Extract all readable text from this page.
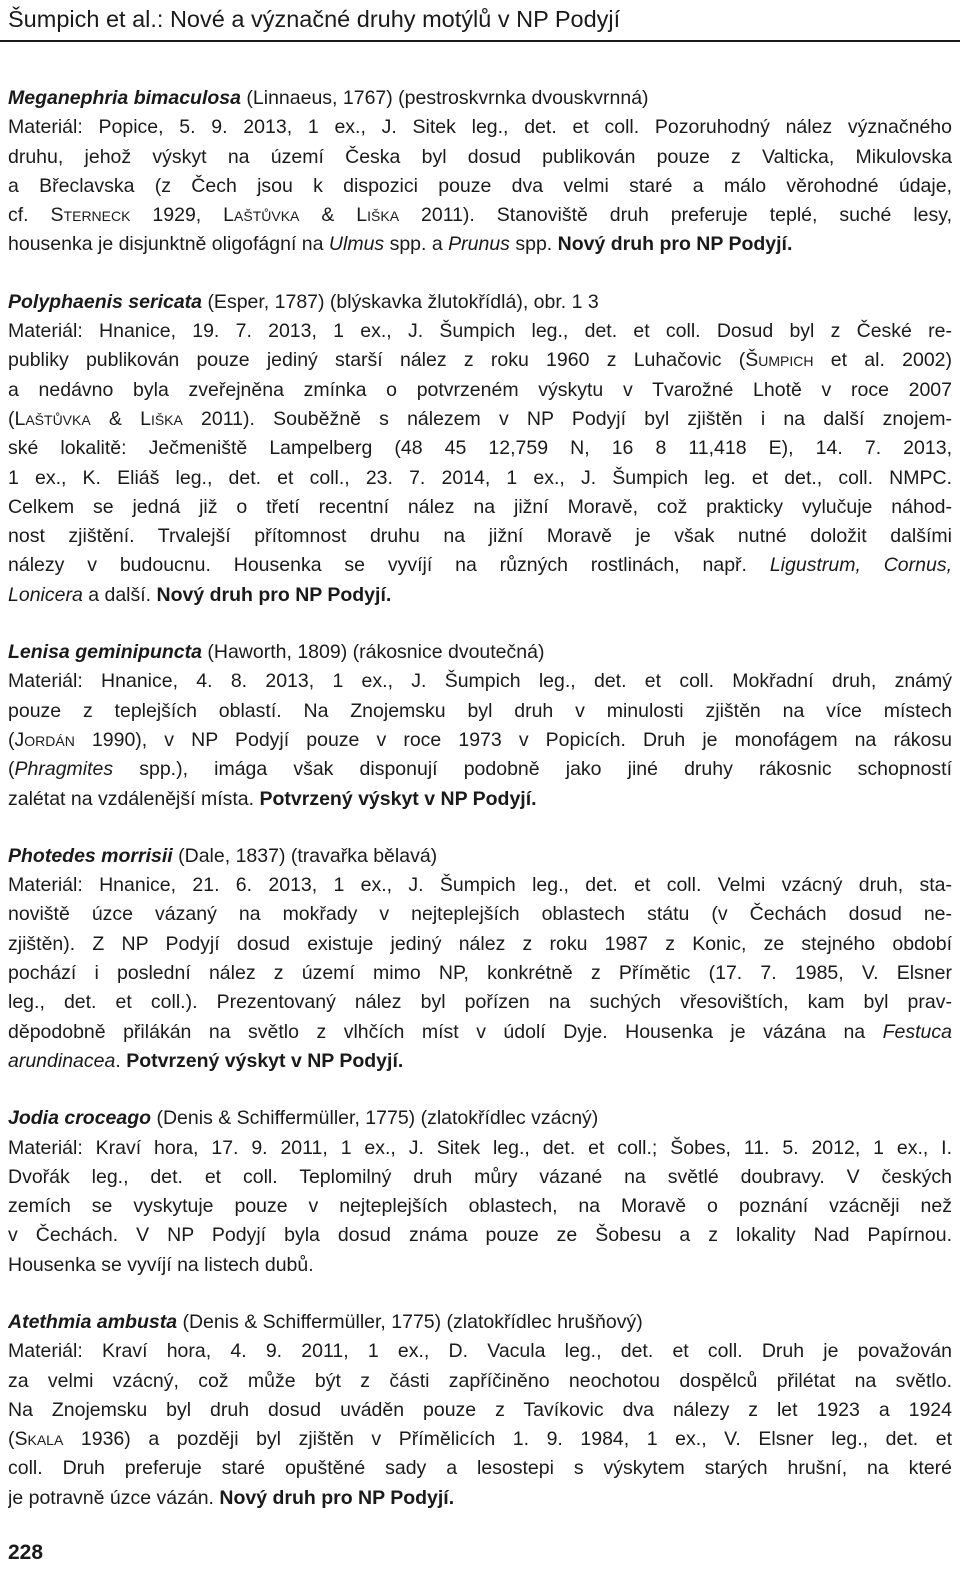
Šumpich et al.: Nové a význačné druhy motýlů v NP Podyjí
Meganephria bimaculosa (Linnaeus, 1767) (pestroskvrnka dvouskvrnná)
Materiál: Popice, 5. 9. 2013, 1 ex., J. Sitek leg., det. et coll. Pozoruhodný nález význačného
druhu, jehož výskyt na území Česka byl dosud publikován pouze z Valticka, Mikulovska
a Břeclavska (z Čech jsou k dispozici pouze dva velmi staré a málo věrohodné údaje,
cf. Sterneck 1929, Laštůvka & Liška 2011). Stanoviště druh preferuje teplé, suché lesy,
housenka je disjunktně oligofágní na Ulmus spp. a Prunus spp. Nový druh pro NP Podyjí.
Polyphaenis sericata (Esper, 1787) (blýskavka žlutokřídlá), obr. 1 3
Materiál: Hnanice, 19. 7. 2013, 1 ex., J. Šumpich leg., det. et coll. Dosud byl z České re-
publiky publikován pouze jediný starší nález z roku 1960 z Luhačovic (Šumpich et al. 2002)
a nedávno byla zveřejněna zmínka o potvrzeném výskytu v Tvarožné Lhotě v roce 2007
(Laštůvka & Liška 2011). Souběžně s nálezem v NP Podyjí byl zjištěn i na další znojem-
ské lokalitě: Ječmeniště Lampelberg (48 45 12,759 N, 16 8 11,418 E), 14. 7. 2013,
1 ex., K. Eliáš leg., det. et coll., 23. 7. 2014, 1 ex., J. Šumpich leg. et det., coll. NMPC.
Celkem se jedná již o třetí recentní nález na jižní Moravě, což prakticky vylučuje náhod-
nost zjištění. Trvalejší přítomnost druhu na jižní Moravě je však nutné doložit dalšími
nálezy v budoucnu. Housenka se vyvíjí na různých rostlinách, např. Ligustrum, Cornus,
Lonicera a další. Nový druh pro NP Podyjí.
Lenisa geminipuncta (Haworth, 1809) (rákosnice dvoutečná)
Materiál: Hnanice, 4. 8. 2013, 1 ex., J. Šumpich leg., det. et coll. Mokřadní druh, známý
pouze z teplejších oblastí. Na Znojemsku byl druh v minulosti zjištěn na více místech
(Jordán 1990), v NP Podyjí pouze v roce 1973 v Popicích. Druh je monofágem na rákosu
(Phragmites spp.), imága však disponují podobně jako jiné druhy rákosnic schopností
zalétat na vzdálenější místa. Potvrzený výskyt v NP Podyjí.
Photedes morrisii (Dale, 1837) (travařka bělavá)
Materiál: Hnanice, 21. 6. 2013, 1 ex., J. Šumpich leg., det. et coll. Velmi vzácný druh, sta-
noviště úzce vázaný na mokřady v nejteplejších oblastech státu (v Čechách dosud ne-
zjištěn). Z NP Podyjí dosud existuje jediný nález z roku 1987 z Konic, ze stejného období
pochází i poslední nález z území mimo NP, konkrétně z Přímětic (17. 7. 1985, V. Elsner
leg., det. et coll.). Prezentovaný nález byl pořízen na suchých vřesovištích, kam byl prav-
děpodobně přilákán na světlo z vlhčích míst v údolí Dyje. Housenka je vázána na Festuca
arundinacea. Potvrzený výskyt v NP Podyjí.
Jodia croceago (Denis & Schiffermüller, 1775) (zlatokřídlec vzácný)
Materiál: Kraví hora, 17. 9. 2011, 1 ex., J. Sitek leg., det. et coll.; Šobes, 11. 5. 2012, 1 ex., I.
Dvořák leg., det. et coll. Teplomilný druh můry vázané na světlé doubravy. V českých
zemích se vyskytuje pouze v nejteplejších oblastech, na Moravě o poznání vzácněji než
v Čechách. V NP Podyjí byla dosud známa pouze ze Šobesu a z lokality Nad Papírnou.
Housenka se vyvíjí na listech dubů.
Atethmia ambusta (Denis & Schiffermüller, 1775) (zlatokřídlec hrušňový)
Materiál: Kraví hora, 4. 9. 2011, 1 ex., D. Vacula leg., det. et coll. Druh je považován
za velmi vzácný, což může být z části zapříčiněno neochotou dospělců přilétat na světlo.
Na Znojemsku byl druh dosud uváděn pouze z Tavíkovic dva nálezy z let 1923 a 1924
(Skala 1936) a později byl zjištěn v Přímělicích 1. 9. 1984, 1 ex., V. Elsner leg., det. et
coll. Druh preferuje staré opuštěné sady a lesostepi s výskytem starých hrušní, na které
je potravně úzce vázán. Nový druh pro NP Podyjí.
228
